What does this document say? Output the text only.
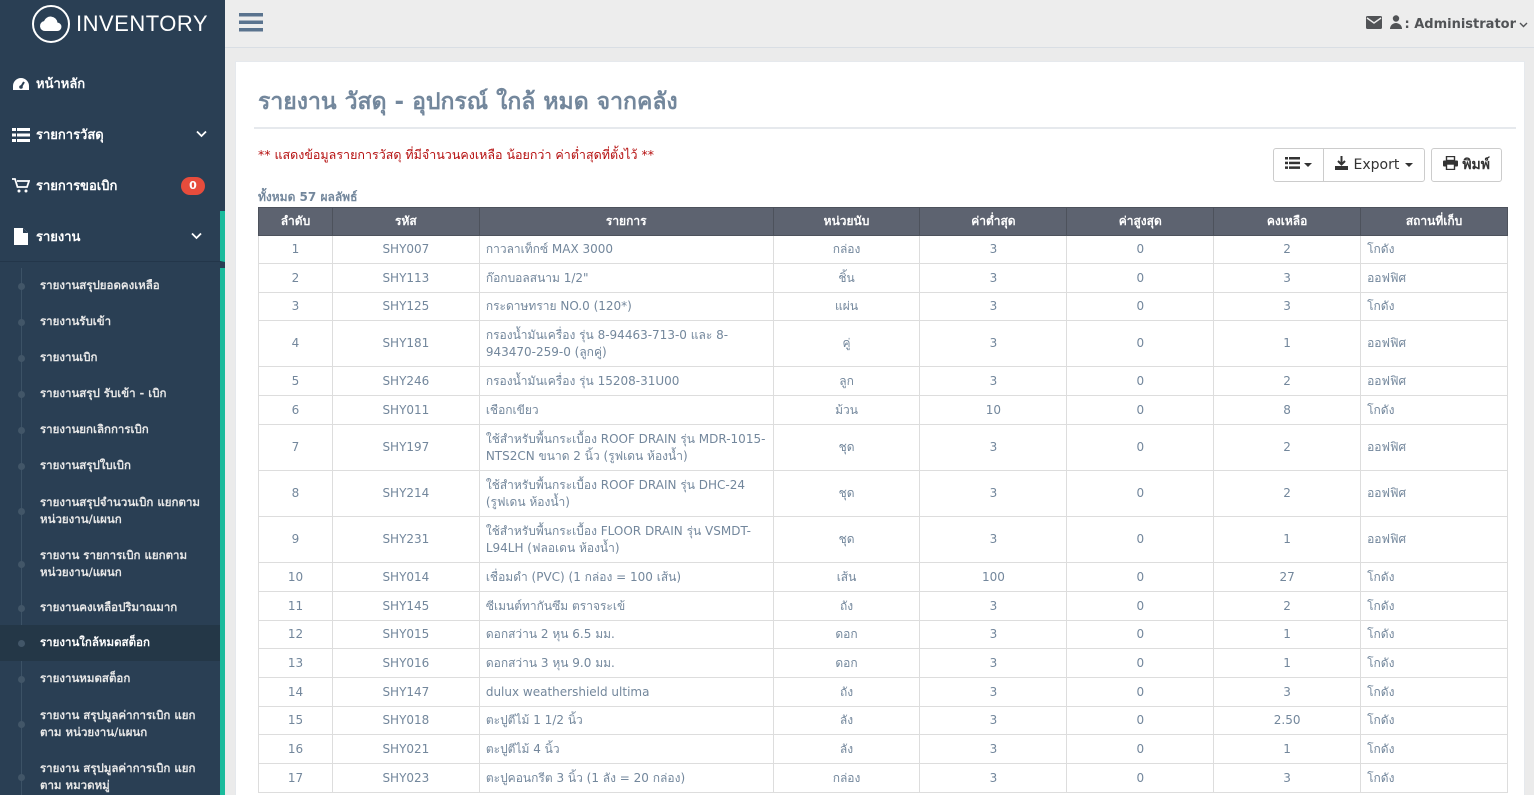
INVENTORY
หน้าหลัก
รายการวัสดุ
รายการขอเบิก	0
รายงาน
รายงานสรุปยอดคงเหลือ
รายงานรับเข้า
รายงานเบิก
รายงานสรุป รับเข้า - เบิก
รายงานยกเลิกการเบิก
รายงานสรุปใบเบิก
รายงานสรุปจำนวนเบิก แยกตาม หน่วยงาน/แผนก
รายงาน รายการเบิก แยกตาม หน่วยงาน/แผนก
รายงานคงเหลือปริมาณมาก
รายงานใกล้หมดสต็อก
รายงานหมดสต็อก
รายงาน สรุปมูลค่าการเบิก แยกตาม หน่วยงาน/แผนก
รายงาน สรุปมูลค่าการเบิก แยกตาม หมวดหมู่
: Administrator
รายงาน วัสดุ - อุปกรณ์ ใกล้ หมด จากคลัง
** แสดงข้อมูลรายการวัสดุ ที่มีจำนวนคงเหลือ น้อยกว่า ค่าต่ำสุดที่ตั้งไว้ **
Export	พิมพ์
ทั้งหมด 57 ผลลัพธ์
ลำดับ	รหัส	รายการ	หน่วยนับ	ค่าต่ำสุด	ค่าสูงสุด	คงเหลือ	สถานที่เก็บ
1	SHY007	กาวลาเท็กซ์ MAX 3000	กล่อง	3	0	2	โกดัง
2	SHY113	ก๊อกบอลสนาม 1/2"	ชิ้น	3	0	3	ออฟฟิศ
3	SHY125	กระดาษทราย NO.0 (120*)	แผ่น	3	0	3	โกดัง
4	SHY181	กรองน้ำมันเครื่อง รุ่น 8-94463-713-0 และ 8-943470-259-0 (ลูกคู่)	คู่	3	0	1	ออฟฟิศ
5	SHY246	กรองน้ำมันเครื่อง รุ่น 15208-31U00	ลูก	3	0	2	ออฟฟิศ
6	SHY011	เชือกเขียว	ม้วน	10	0	8	โกดัง
7	SHY197	ใช้สำหรับพื้นกระเบื้อง ROOF DRAIN รุ่น MDR-1015-NTS2CN ขนาด 2 นิ้ว (รูฟเดน ห้องน้ำ)	ชุด	3	0	2	ออฟฟิศ
8	SHY214	ใช้สำหรับพื้นกระเบื้อง ROOF DRAIN รุ่น DHC-24 (รูฟเดน ห้องน้ำ)	ชุด	3	0	2	ออฟฟิศ
9	SHY231	ใช้สำหรับพื้นกระเบื้อง FLOOR DRAIN รุ่น VSMDT-L94LH (ฟลอเดน ห้องน้ำ)	ชุด	3	0	1	ออฟฟิศ
10	SHY014	เชื่อมดำ (PVC) (1 กล่อง = 100 เส้น)	เส้น	100	0	27	โกดัง
11	SHY145	ซีเมนต์ทากันซึม ตราจระเข้	ถัง	3	0	2	โกดัง
12	SHY015	ดอกสว่าน 2 หุน 6.5 มม.	ดอก	3	0	1	โกดัง
13	SHY016	ดอกสว่าน 3 หุน 9.0 มม.	ดอก	3	0	1	โกดัง
14	SHY147	dulux weathershield ultima	ถัง	3	0	3	โกดัง
15	SHY018	ตะปูตีไม้ 1 1/2 นิ้ว	ลัง	3	0	2.50	โกดัง
16	SHY021	ตะปูตีไม้ 4 นิ้ว	ลัง	3	0	1	โกดัง
17	SHY023	ตะปูคอนกรีต 3 นิ้ว (1 ลัง = 20 กล่อง)	กล่อง	3	0	3	โกดัง
